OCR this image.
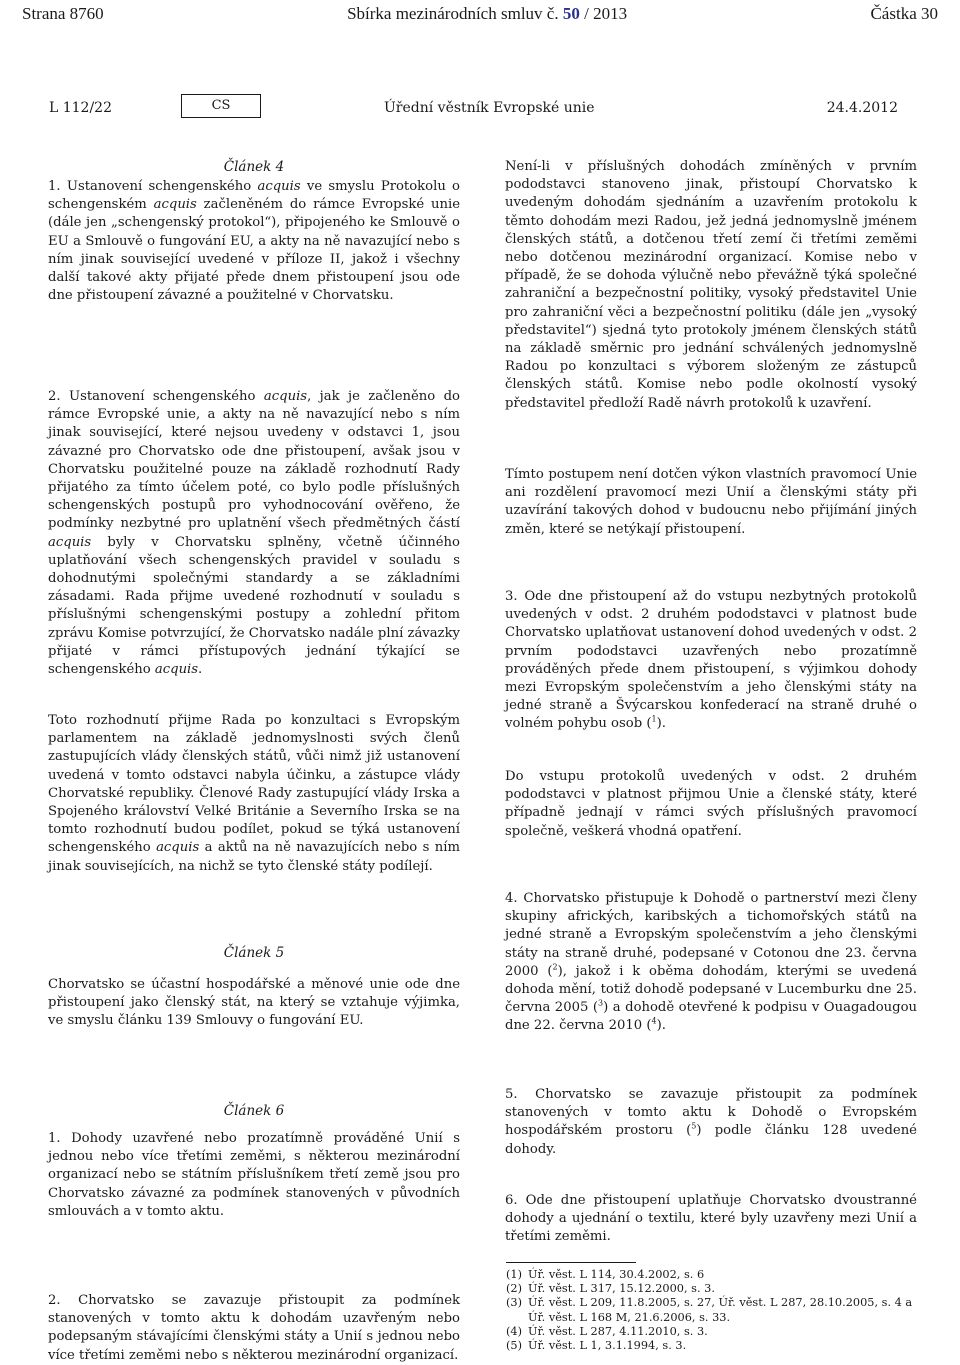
Strana 8760	Sbírka mezinárodních smluv č. 50 / 2013	Částka 30
L 112/22	CS	Úřední věstník Evropské unie	24.4.2012
Článek 4

1. Ustanovení schengenského acquis ve smyslu Protokolu o schengenském acquis začleněném do rámce Evropské unie (dále jen „schengenský protokol“), připojeného ke Smlouvě o EU a Smlouvě o fungování EU, a akty na ně navazující nebo s ním jinak související uvedené v příloze II, jakož i všechny další takové akty přijaté přede dnem přistoupení jsou ode dne přistoupení závazné a použitelné v Chorvatsku.

2. Ustanovení schengenského acquis, jak je začleněno do rámce Evropské unie, a akty na ně navazující nebo s ním jinak související, které nejsou uvedeny v odstavci 1, jsou závazné pro Chorvatsko ode dne přistoupení, avšak jsou v Chorvatsku použitelné pouze na základě rozhodnutí Rady přijatého za tímto účelem poté, co bylo podle příslušných schengenských postupů pro vyhodnocování ověřeno, že podmínky nezbytné pro uplatnění všech předmětných částí acquis byly v Chorvatsku splněny, včetně účinného uplatňování všech schengenských pravidel v souladu s dohodnutými společnými standardy a se základními zásadami. Rada přijme uvedené rozhodnutí v souladu s příslušnými schengenskými postupy a zohlední přitom zprávu Komise potvrzující, že Chorvatsko nadále plní závazky přijaté v rámci přístupových jednání týkající se schengenského acquis.

Toto rozhodnutí přijme Rada po konzultaci s Evropským parlamentem na základě jednomyslnosti svých členů zastupujících vlády členských států, vůči nimž již ustanovení uvedená v tomto odstavci nabyla účinku, a zástupce vlády Chorvatské republiky. Členové Rady zastupující vlády Irska a Spojeného království Velké Británie a Severního Irska se na tomto rozhodnutí budou podílet, pokud se týká ustanovení schengenského acquis a aktů na ně navazujících nebo s ním jinak souvisejících, na nichž se tyto členské státy podílejí.

Článek 5
Chorvatsko se účastní hospodářské a měnové unie ode dne přistoupení jako členský stát, na který se vztahuje výjimka, ve smyslu článku 139 Smlouvy o fungování EU.
Článek 6
1. Dohody uzavřené nebo prozatímně prováděné Unií s jednou nebo více třetími zeměmi, s některou mezinárodní organizací nebo se státním příslušníkem třetí země jsou pro Chorvatsko závazné za podmínek stanovených v původních smlouvách a v tomto aktu.
2. Chorvatsko se zavazuje přistoupit za podmínek stanovených v tomto aktu k dohodám uzavřeným nebo podepsaným stávajícími členskými státy a Unií s jednou nebo více třetími zeměmi nebo s některou mezinárodní organizací.
Není-li v příslušných dohodách zmíněných v prvním pododstavci stanoveno jinak, přistoupí Chorvatsko k uvedeným dohodám sjednáním a uzavřením protokolu k těmto dohodám mezi Radou, jež jedná jednomyslně jménem členských států, a dotčenou třetí zemí či třetími zeměmi nebo dotčenou mezinárodní organizací. Komise nebo v případě, že se dohoda výlučně nebo převážně týká společné zahraniční a bezpečnostní politiky, vysoký představitel Unie pro zahraniční věci a bezpečnostní politiku (dále jen „vysoký představitel“) sjedná tyto protokoly jménem členských států na základě směrnic pro jednání schválených jednomyslně Radou po konzultaci s výborem složeným ze zástupců členských států. Komise nebo podle okolností vysoký představitel předloží Radě návrh protokolů k uzavření.
Tímto postupem není dotčen výkon vlastních pravomocí Unie ani rozdělení pravomocí mezi Unií a členskými státy při uzavírání takových dohod v budoucnu nebo přijímání jiných změn, které se netýkají přistoupení.

3. Ode dne přistoupení až do vstupu nezbytných protokolů uvedených v odst. 2 druhém pododstavci v platnost bude Chorvatsko uplatňovat ustanovení dohod uvedených v odst. 2 prvním pododstavci uzavřených nebo prozatímně prováděných přede dnem přistoupení, s výjimkou dohody mezi Evropským společenstvím a jeho členskými státy na jedné straně a Švýcarskou konfederací na straně druhé o volném pohybu osob ($^1$).

Do vstupu protokolů uvedených v odst. 2 druhém pododstavci v platnost přijmou Unie a členské státy, které případně jednají v rámci svých příslušných pravomocí společně, veškerá vhodná opatření.

4. Chorvatsko přistupuje k Dohodě o partnerství mezi členy skupiny afrických, karibských a tichomořských států na jedné straně a Evropským společenstvím a jeho členskými státy na straně druhé, podepsané v Cotonou dne 23. června 2000 ($^2$), jakož i k oběma dohodám, kterými se uvedená dohoda mění, totiž dohodě podepsané v Lucemburku dne 25. června 2005 ($^3$) a dohodě otevřené k podpisu v Ouagadougou dne 22. června 2010 ($^4$).

5. Chorvatsko se zavazuje přistoupit za podmínek stanovených v tomto aktu k Dohodě o Evropském hospodářském prostoru ($^5$) podle článku 128 uvedené dohody.

6. Ode dne přistoupení uplatňuje Chorvatsko dvoustranné dohody a ujednání o textilu, které byly uzavřeny mezi Unií a třetími zeměmi.
(1) Úř. věst. L 114, 30.4.2002, s. 6
(2) Úř. věst. L 317, 15.12.2000, s. 3.
(3) Úř. věst. L 209, 11.8.2005, s. 27, Úř. věst. L 287, 28.10.2005, s. 4 a Úř. věst. L 168 M, 21.6.2006, s. 33.
(4) Úř. věst. L 287, 4.11.2010, s. 3.
(5) Úř. věst. L 1, 3.1.1994, s. 3.
